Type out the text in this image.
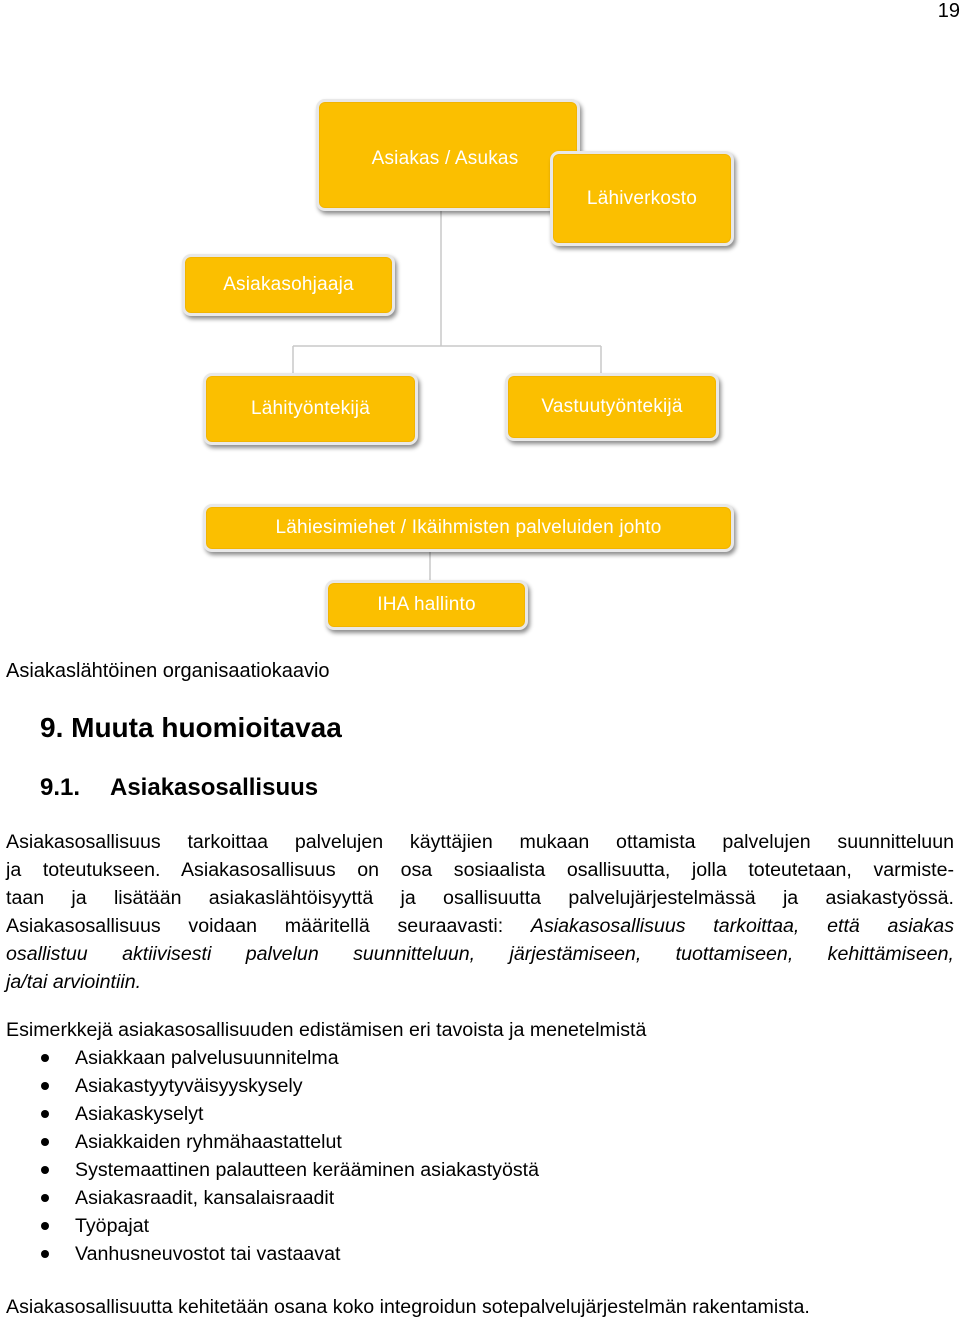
19
Asiakas / Asukas
Lähiverkosto
Asiakasohjaaja
Lähityöntekijä	Vastuutyöntekijä
Lähiesimiehet / Ikäihmisten palveluiden johto
IHA hallinto
Asiakaslähtöinen organisaatiokaavio
9. Muuta huomioitavaa
9.1. Asiakasosallisuus
Asiakasosallisuus tarkoittaa palvelujen käyttäjien mukaan ottamista palvelujen suunnitteluun
ja toteutukseen. Asiakasosallisuus on osa sosiaalista osallisuutta, jolla toteutetaan, varmiste-
taan ja lisätään asiakaslähtöisyyttä ja osallisuutta palvelujärjestelmässä ja asiakastyössä.
Asiakasosallisuus voidaan määritellä seuraavasti: Asiakasosallisuus tarkoittaa, että asiakas
osallistuu aktiivisesti palvelun suunnitteluun, järjestämiseen, tuottamiseen, kehittämiseen,
ja/tai arviointiin.
Esimerkkejä asiakasosallisuuden edistämisen eri tavoista ja menetelmistä
Asiakkaan palvelusuunnitelma
Asiakastyytyväisyyskysely
Asiakaskyselyt
Asiakkaiden ryhmähaastattelut
Systemaattinen palautteen kerääminen asiakastyöstä
Asiakasraadit, kansalaisraadit
Työpajat
Vanhusneuvostot tai vastaavat
Asiakasosallisuutta kehitetään osana koko integroidun sotepalvelujärjestelmän rakentamista.
